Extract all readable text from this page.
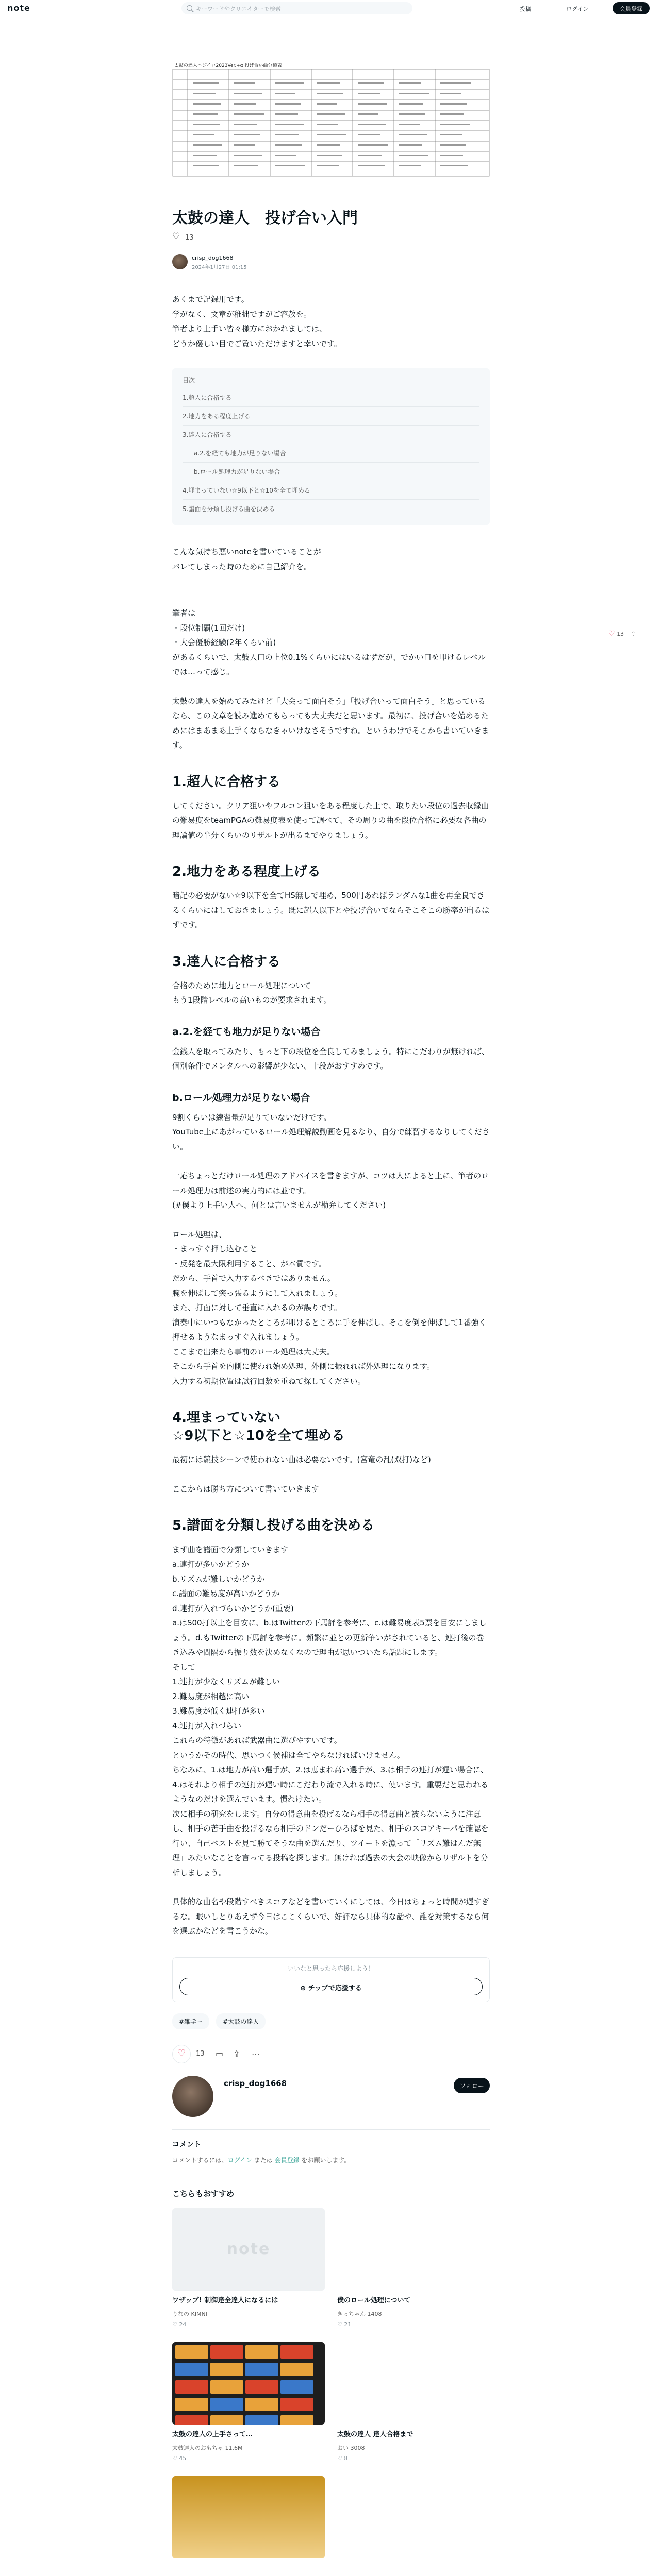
note	キーワードやクリエイターで検索	投稿	ログイン	会員登録
♡ 13 ⇪
太鼓の達人ニジイロ2023Ver.+α 投げ合い曲分類表
太鼓の達人　投げ合い入門
♡ 13
crisp_dog1668
2024年1月27日 01:15

あくまで記録用です。

学がなく、文章が稚拙ですがご容赦を。

筆者より上手い皆々様方におかれましては、

どうか優しい目でご覧いただけますと幸いです。

目次
1.超人に合格する
2.地力をある程度上げる
3.達人に合格する
a.2.を経ても地力が足りない場合
b.ロール処理力が足りない場合
4.埋まっていない☆9以下と☆10を全て埋める
5.譜面を分類し投げる曲を決める

こんな気持ち悪いnoteを書いていることが

バレてしまった時のために自己紹介を。

筆者は

・段位制覇(1回だけ)

・大会優勝経験(2年くらい前)

があるくらいで、太鼓人口の上位0.1%くらいにはいるはずだが、でかい口を叩けるレベルでは…って感じ。

太鼓の達人を始めてみたけど「大会って面白そう」「投げ合いって面白そう」と思っているなら、この文章を読み進めてもらっても大丈夫だと思います。最初に、投げ合いを始めるためにはまあまあ上手くならなきゃいけなさそうですね。というわけでそこから書いていきます。

1.超人に合格する

してください。クリア狙いやフルコン狙いをある程度した上で、取りたい段位の過去収録曲の難易度をteamPGAの難易度表を使って調べて、その周りの曲を段位合格に必要な各曲の理論値の半分くらいのリザルトが出るまでやりましょう。

2.地力をある程度上げる

暗記の必要がない☆9以下を全てHS無しで埋め、500円あればランダムな1曲を再全良できるくらいにはしておきましょう。既に超人以下とや投げ合いでならそこそこの勝率が出るはずです。

3.達人に合格する

合格のために地力とロール処理について

もう1段階レベルの高いものが要求されます。

a.2.を経ても地力が足りない場合

金銭人を取ってみたり、もっと下の段位を全良してみましょう。特にこだわりが無ければ、個別条件でメンタルへの影響が少ない、十段がおすすめです。

b.ロール処理力が足りない場合

9割くらいは練習量が足りていないだけです。

YouTube上にあがっているロール処理解説動画を見るなり、自分で練習するなりしてください。

一応ちょっとだけロール処理のアドバイスを書きますが、コツは人によると上に、筆者のロール処理力は前述の実力的には並です。

(#僕より上手い人へ、何とは言いませんが勘弁してください)

ロール処理は、

・まっすぐ押し込むこと

・反発を最大限利用すること、が本質です。

だから、手首で入力するべきではありません。

腕を伸ばして突っ張るようにして入れましょう。

また、打面に対して垂直に入れるのが誤りです。

演奏中にいつもなかったところが叩けるところに手を伸ばし、そこを倒を伸ばして1番強く押せるようなまっすぐ入れましょう。

ここまで出来たら事前のロール処理は大丈夫。

そこから手首を内側に使われ始め処理、外側に振れれば外処理になります。

入力する初期位置は試行回数を重ねて探してください。

4.埋まっていない
☆9以下と☆10を全て埋める

最初には競技シーンで使われない曲は必要ないです。(宮竜の乱(双打)など)

ここからは勝ち方について書いていきます

5.譜面を分類し投げる曲を決める

まず曲を譜面で分類していきます

a.連打が多いかどうか

b.リズムが難しいかどうか

c.譜面の難易度が高いかどうか

d.連打が入れづらいかどうか(重要)

a.はS00打以上を目安に、b.はTwitterの下馬評を参考に、c.は難易度表5票を目安にしましょう。d.もTwitterの下馬評を参考に。頻繁に並との更新争いがされていると、連打後の巻き込みや間隔から振り数を決めなくなので理由が思いついたら話題にします。

そして

1.連打が少なくリズムが難しい

2.難易度が相越に高い

3.難易度が低く連打が多い

4.連打が入れづらい

これらの特徴があれば武器曲に選びやすいです。

というかその時代、思いつく候補は全てやらなければいけません。

ちなみに、1.は地力が高い選手が、2.は恵まれ高い選手が、3.は相手の連打が遅い場合に、4.はそれより相手の連打が遅い時にこだわり流で入れる時に、使います。重要だと思われるようなのだけを選んでいます。慣れけたい。

次に相手の研究をします。自分の得意曲を投げるなら相手の得意曲と被らないように注意し、相手の苦手曲を投げるなら相手のドンだーひろばを見た、相手のスコアキーパを確認を行い、自己ベストを見て勝てそうな曲を選んだり、ツイートを漁って「リズム難はんだ無理」みたいなことを言ってる投稿を探します。無ければ過去の大会の映像からリザルトを分析しましょう。

具体的な曲名や段階すべきスコアなどを書いていくにしては、今日はちょっと時間が遅すぎるな。眠いしとりあえず今日はここくらいで、好評なら具体的な話や、誰を対策するなら何を選ぶかなどを書こうかな。

いいなと思ったら応援しよう！
⊕ チップで応援する
#雑学ー	#太鼓の達人
♡	13 ▭ ⇪ ⋯
crisp_dog1668	フォロー
コメント
コメントするには、ログイン または 会員登録 をお願いします。
こちらもおすすめ
note
ワザップ! 制御達全達人になるには
りなの KIMNI
♡ 24
僕のロール処理について
きっちゃん 1408
♡ 21

太鼓の達人の上手さって…
太鼓達人のおもちゃ 11.6M
♡ 45
太鼓の達人 達人合格まで
おい 3008
♡ 8
